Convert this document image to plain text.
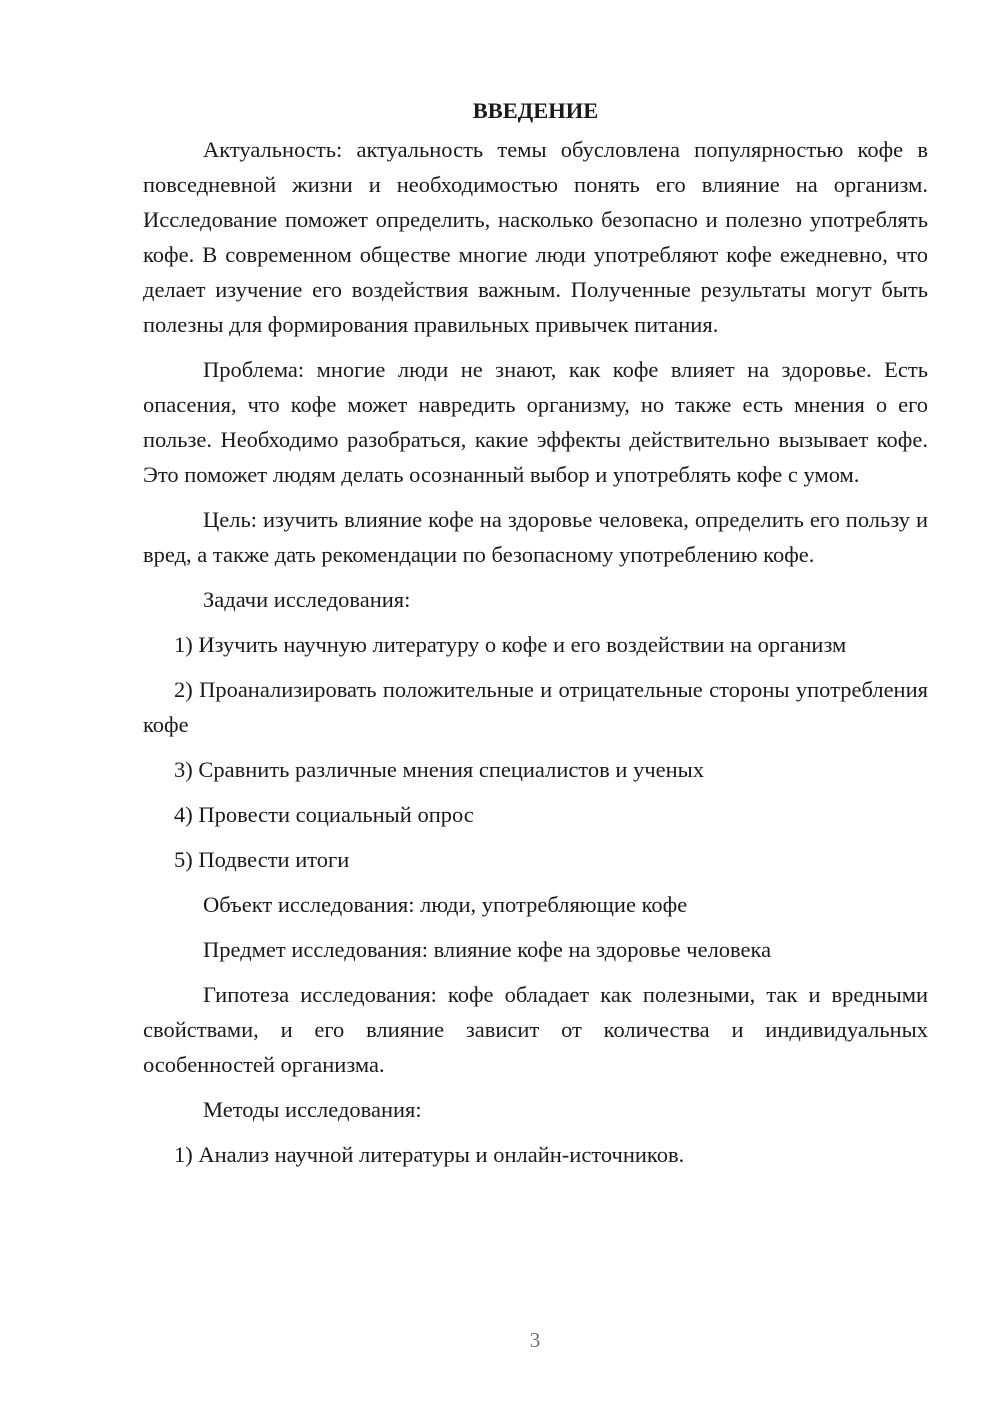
ВВЕДЕНИЕ

Актуальность: актуальность темы обусловлена популярностью кофе в повседневной жизни и необходимостью понять его влияние на организм. Исследование поможет определить, насколько безопасно и полезно употреблять кофе. В современном обществе многие люди употребляют кофе ежедневно, что делает изучение его воздействия важным. Полученные результаты могут быть полезны для формирования правильных привычек питания.

Проблема: многие люди не знают, как кофе влияет на здоровье. Есть опасения, что кофе может навредить организму, но также есть мнения о его пользе. Необходимо разобраться, какие эффекты действительно вызывает кофе. Это поможет людям делать осознанный выбор и употреблять кофе с умом.

Цель: изучить влияние кофе на здоровье человека, определить его пользу и вред, а также дать рекомендации по безопасному употреблению кофе.

Задачи исследования:

1) Изучить научную литературу о кофе и его воздействии на организм

2) Проанализировать положительные и отрицательные стороны употребления кофе

3) Сравнить различные мнения специалистов и ученых

4) Провести социальный опрос

5) Подвести итоги

Объект исследования: люди, употребляющие кофе

Предмет исследования: влияние кофе на здоровье человека

Гипотеза исследования: кофе обладает как полезными, так и вредными свойствами, и его влияние зависит от количества и индивидуальных особенностей организма.

Методы исследования:

1) Анализ научной литературы и онлайн-источников.

3
